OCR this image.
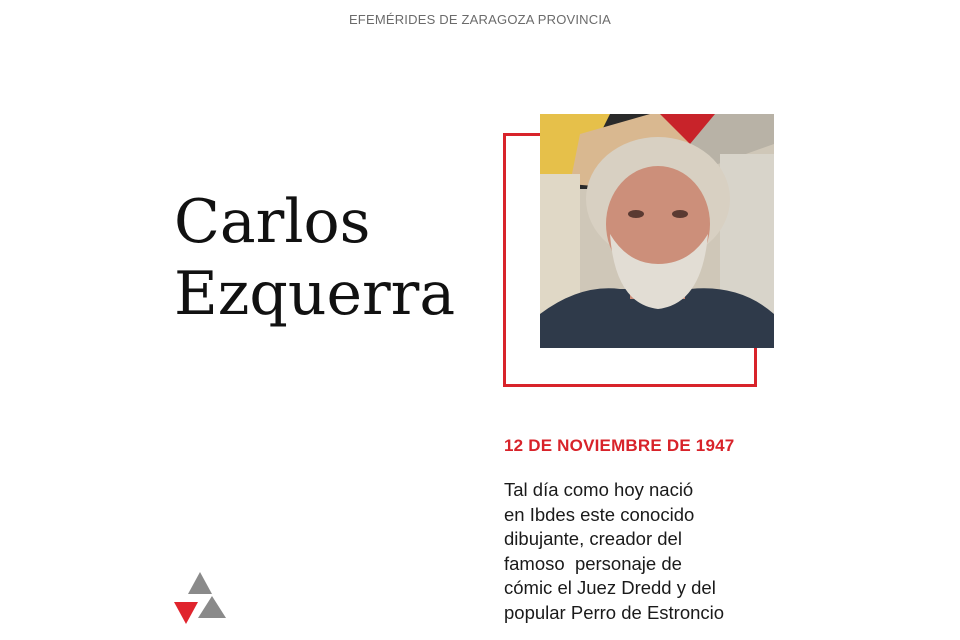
EFEMÉRIDES DE ZARAGOZA PROVINCIA
Carlos
Ezquerra
12 DE NOVIEMBRE DE 1947
Tal día como hoy nació
en Ibdes este conocido
dibujante, creador del
famoso  personaje de
cómic el Juez Dredd y del
popular Perro de Estroncio
